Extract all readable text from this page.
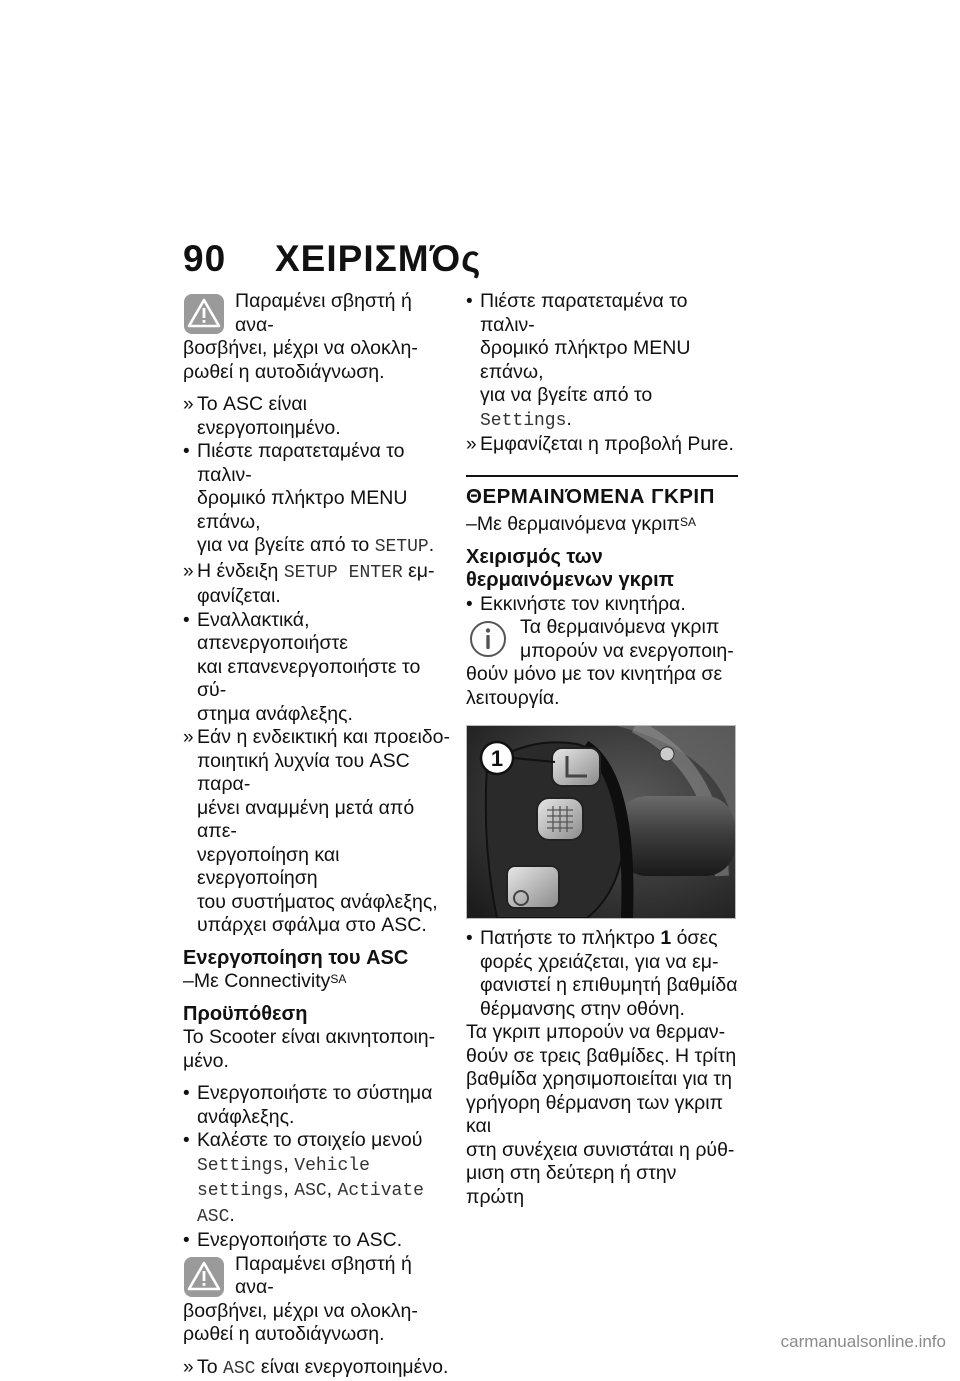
90 ΧΕΙΡΙΣΜΌς

Παραμένει σβηστή ή ανα-
βοσβήνει, μέχρι να ολοκλη-
ρωθεί η αυτοδιάγνωση.

» Το ASC είναι ενεργοποιημένο.

• Πιέστε παρατεταμένα το παλιν-
δρομικό πλήκτρο MENU επάνω,
για να βγείτε από το SETUP.

» Η ένδειξη SETUP ENTER εμ-
φανίζεται.

• Εναλλακτικά, απενεργοποιήστε
και επανενεργοποιήστε το σύ-
στημα ανάφλεξης.

» Εάν η ενδεικτική και προειδο-
ποιητική λυχνία του ASC παρα-
μένει αναμμένη μετά από απε-
νεργοποίηση και ενεργοποίηση
του συστήματος ανάφλεξης,
υπάρχει σφάλμα στο ASC.

Ενεργοποίηση του ASC

–Με Connectivity$^{SA}$

Προϋπόθεση

Το Scooter είναι ακινητοποιη-
μένο.

• Ενεργοποιήστε το σύστημα
ανάφλεξης.

• Καλέστε το στοιχείο μενού
Settings, Vehicle
settings, ASC, Activate
ASC.

• Ενεργοποιήστε το ASC.

Παραμένει σβηστή ή ανα-
βοσβήνει, μέχρι να ολοκλη-
ρωθεί η αυτοδιάγνωση.

» Το ASC είναι ενεργοποιημένο.

• Πιέστε παρατεταμένα το παλιν-
δρομικό πλήκτρο MENU επάνω,
για να βγείτε από το
Settings.

» Εμφανίζεται η προβολή Pure.

ΘΕΡΜΑΙΝΌΜΕΝΑ ΓΚΡΙΠ

–Με θερμαινόμενα γκριπ$^{SA}$

Χειρισμός των
θερμαινόμενων γκριπ

• Εκκινήστε τον κινητήρα.

Τα θερμαινόμενα γκριπ
μπορούν να ενεργοποιη-
θούν μόνο με τον κινητήρα σε
λειτουργία.

1

• Πατήστε το πλήκτρο 1 όσες
φορές χρειάζεται, για να εμ-
φανιστεί η επιθυμητή βαθμίδα
θέρμανσης στην οθόνη.

Τα γκριπ μπορούν να θερμαν-
θούν σε τρεις βαθμίδες. Η τρίτη
βαθμίδα χρησιμοποιείται για τη
γρήγορη θέρμανση των γκριπ και
στη συνέχεια συνιστάται η ρύθ-
μιση στη δεύτερη ή στην πρώτη

carmanualsonline.info
